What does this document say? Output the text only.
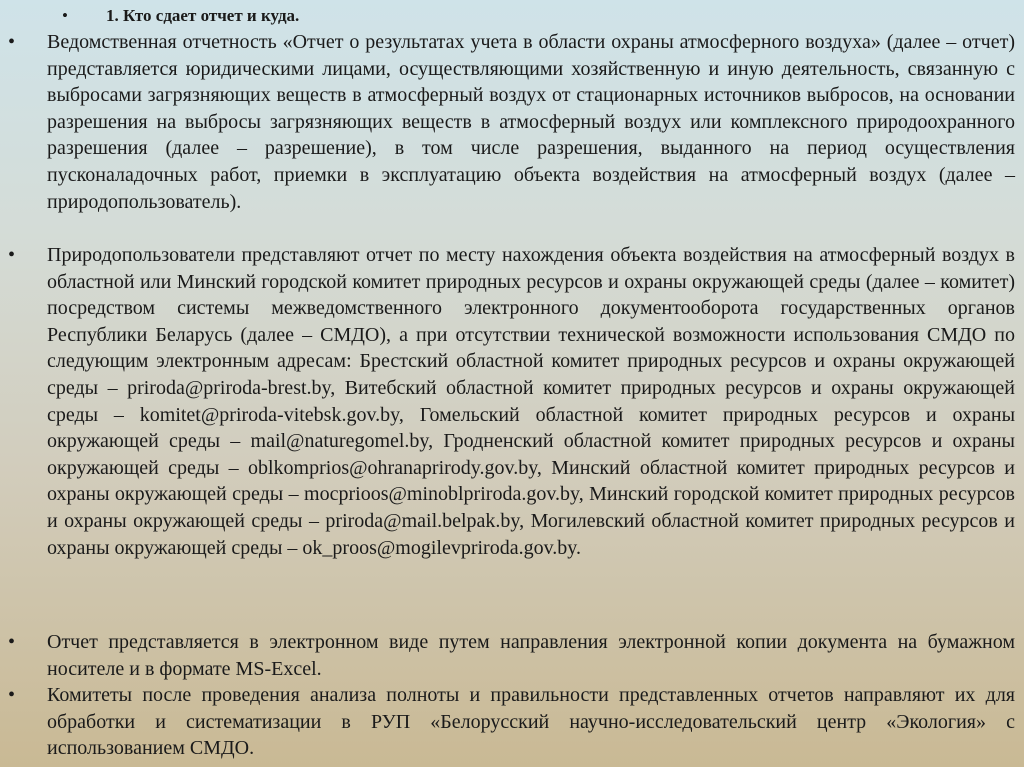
• 1. Кто сдает отчет и куда.
•	Ведомственная отчетность «Отчет о результатах учета в области охраны атмосферного воздуха» (далее – отчет) представляется юридическими лицами, осуществляющими хозяйственную и иную деятельность, связанную с выбросами загрязняющих веществ в атмосферный воздух от стационарных источников выбросов, на основании разрешения на выбросы загрязняющих веществ в атмосферный воздух или комплексного природоохранного разрешения (далее – разрешение), в том числе разрешения, выданного на период осуществления пусконаладочных работ, приемки в эксплуатацию объекта воздействия на атмосферный воздух (далее – природопользователь).
•	Природопользователи представляют отчет по месту нахождения объекта воздействия на атмосферный воздух в областной или Минский городской комитет природных ресурсов и охраны окружающей среды (далее – комитет) посредством системы межведомственного электронного документооборота государственных органов Республики Беларусь (далее – СМДО), а при отсутствии технической возможности использования СМДО по следующим электронным адресам: Брестский областной комитет природных ресурсов и охраны окружающей среды – priroda@priroda-brest.by, Витебский областной комитет природных ресурсов и охраны окружающей среды – komitet@priroda-vitebsk.gov.by, Гомельский областной комитет природных ресурсов и охраны окружающей среды – mail@naturegomel.by, Гродненский областной комитет природных ресурсов и охраны окружающей среды – oblkomprios@ohranaprirody.gov.by, Минский областной комитет природных ресурсов и охраны окружающей среды – mocprioos@minoblpriroda.gov.by, Минский городской комитет природных ресурсов и охраны окружающей среды – priroda@mail.belpak.by, Могилевский областной комитет природных ресурсов и охраны окружающей среды – ok_proos@mogilevpriroda.gov.by.
•	Отчет представляется в электронном виде путем направления электронной копии документа на бумажном носителе и в формате MS-Excel.
•	Комитеты после проведения анализа полноты и правильности представленных отчетов направляют их для обработки и систематизации в РУП «Белорусский научно-исследовательский центр «Экология» с использованием СМДО.
